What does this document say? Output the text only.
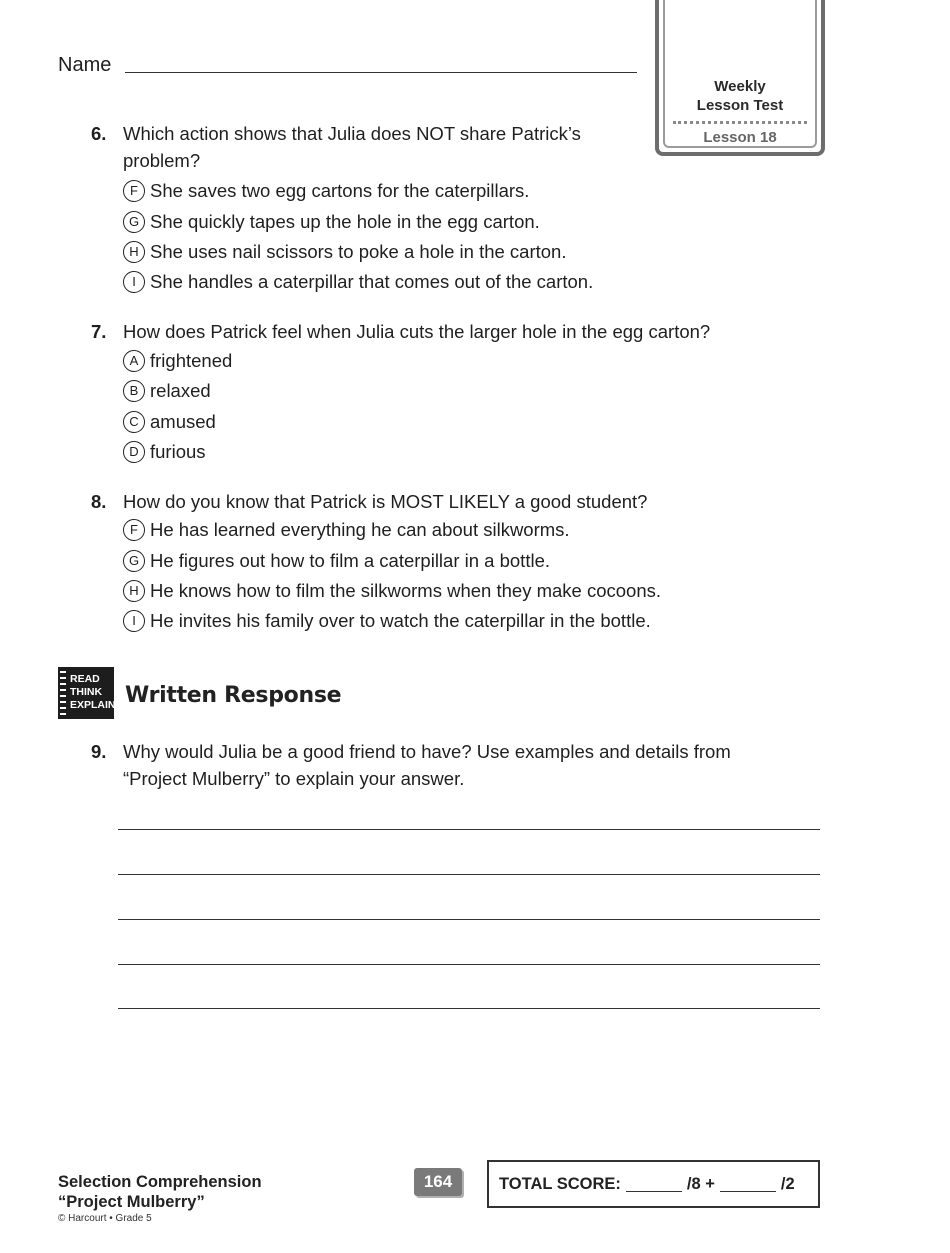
Name
Weekly
Lesson Test
Lesson 18
6. Which action shows that Julia does NOT share Patrick’s
problem?
F She saves two egg cartons for the caterpillars.
G She quickly tapes up the hole in the egg carton.
H She uses nail scissors to poke a hole in the carton.
I She handles a caterpillar that comes out of the carton.
7. How does Patrick feel when Julia cuts the larger hole in the egg carton?
A frightened
B relaxed
C amused
D furious
8. How do you know that Patrick is MOST LIKELY a good student?
F He has learned everything he can about silkworms.
G He figures out how to film a caterpillar in a bottle.
H He knows how to film the silkworms when they make cocoons.
I He invites his family over to watch the caterpillar in the bottle.
READ
THINK
EXPLAIN Written Response
9. Why would Julia be a good friend to have? Use examples and details from
“Project Mulberry” to explain your answer.
Selection Comprehension
“Project Mulberry”
© Harcourt • Grade 5
164	TOTAL SCORE:	/8 +	/2
